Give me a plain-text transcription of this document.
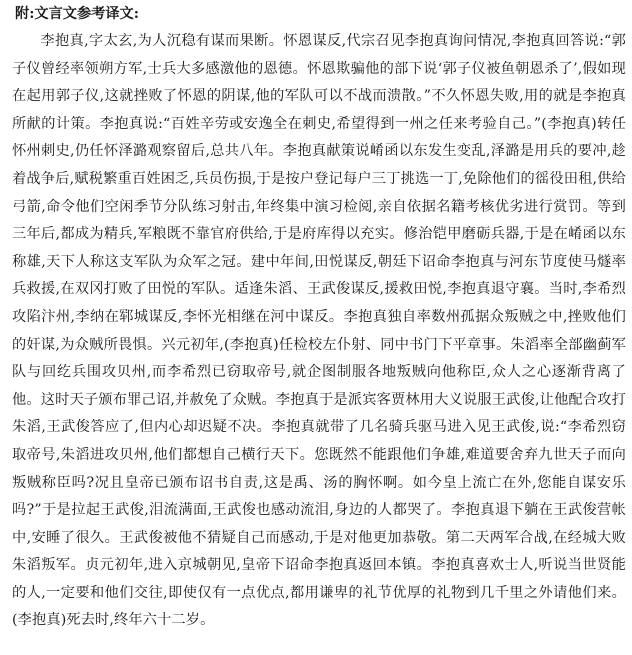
附:文言文参考译文:

李抱真,字太玄,为人沉稳有谋而果断。怀恩谋反,代宗召见李抱真询问情况,李抱真回答说:“郭子仪曾经率领朔方军,士兵大多感激他的恩德。怀恩欺骗他的部下说‘郭子仪被鱼朝恩杀了’,假如现在起用郭子仪,这就挫败了怀恩的阴谋,他的军队可以不战而溃散。”不久怀恩失败,用的就是李抱真所献的计策。李抱真说:“百姓辛劳或安逸全在刺史,希望得到一州之任来考验自己。”(李抱真)转任怀州刺史,仍任怀泽潞观察留后,总共八年。李抱真献策说崤函以东发生变乱,泽潞是用兵的要冲,趁着战争后,赋税繁重百姓困乏,兵员伤损,于是按户登记每户三丁挑选一丁,免除他们的徭役田租,供给弓箭,命令他们空闲季节分队练习射击,年终集中演习检阅,亲自依据名籍考核优劣进行赏罚。等到三年后,都成为精兵,军粮既不靠官府供给,于是府库得以充实。修治铠甲磨砺兵器,于是在崤函以东称雄,天下人称这支军队为众军之冠。建中年间,田悦谋反,朝廷下诏命李抱真与河东节度使马燧率兵救援,在双冈打败了田悦的军队。适逢朱滔、王武俊谋反,援救田悦,李抱真退守襄。当时,李希烈攻陷汴州,李纳在郓城谋反,李怀光相继在河中谋反。李抱真独自率数州孤据众叛贼之中,挫败他们的奸谋,为众贼所畏惧。兴元初年,(李抱真)任检校左仆射、同中书门下平章事。朱滔率全部幽蓟军队与回纥兵围攻贝州,而李希烈已窃取帝号,就企图制服各地叛贼向他称臣,众人之心逐渐背离了他。这时天子颁布罪己诏,并赦免了众贼。李抱真于是派宾客贾林用大义说服王武俊,让他配合攻打朱滔,王武俊答应了,但内心却迟疑不决。李抱真就带了几名骑兵驱马进入见王武俊,说:“李希烈窃取帝号,朱滔进攻贝州,他们都想自己横行天下。您既然不能跟他们争雄,难道要舍弃九世天子而向叛贼称臣吗?况且皇帝已颁布诏书自责,这是禹、汤的胸怀啊。如今皇上流亡在外,您能自谋安乐吗?”于是拉起王武俊,泪流满面,王武俊也感动流泪,身边的人都哭了。李抱真退下躺在王武俊营帐中,安睡了很久。王武俊被他不猜疑自己而感动,于是对他更加恭敬。第二天两军合战,在经城大败朱滔叛军。贞元初年,进入京城朝见,皇帝下诏命李抱真返回本镇。李抱真喜欢士人,听说当世贤能的人,一定要和他们交往,即使仅有一点优点,都用谦卑的礼节优厚的礼物到几千里之外请他们来。(李抱真)死去时,终年六十二岁。
